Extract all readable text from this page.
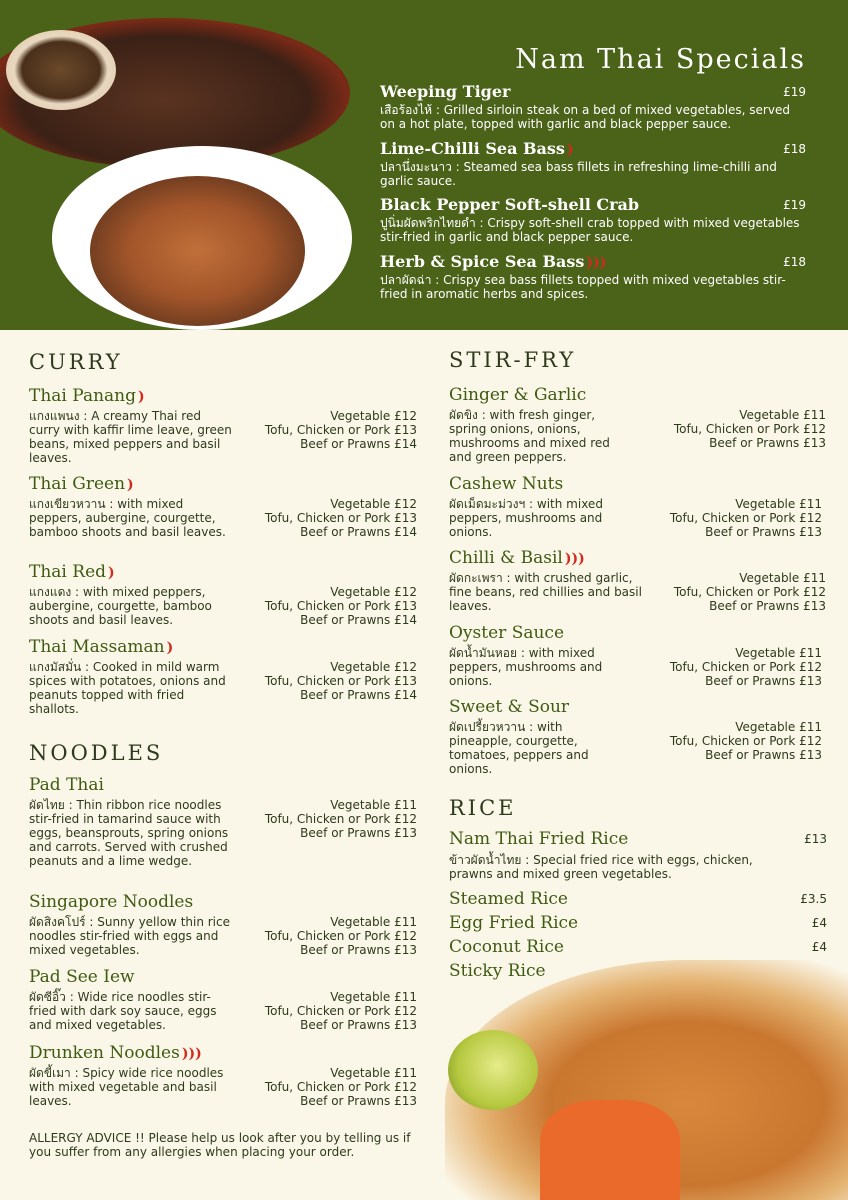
Nam Thai Specials
Weeping Tiger	£19
เสือร้องไห้ : Grilled sirloin steak on a bed of mixed vegetables, served on a hot plate, topped with garlic and black pepper sauce.
Lime-Chilli Sea Bass )	£18
ปลานึ่งมะนาว : Steamed sea bass fillets in refreshing lime-chilli and garlic sauce.
Black Pepper Soft-shell Crab	£19
ปูนิ่มผัดพริกไทยดำ : Crispy soft-shell crab topped with mixed vegetables stir-fried in garlic and black pepper sauce.
Herb & Spice Sea Bass )))	£18
ปลาผัดฉ่า : Crispy sea bass fillets topped with mixed vegetables stir-fried in aromatic herbs and spices.
CURRY
Thai Panang )
แกงแพนง : A creamy Thai red curry with kaffir lime leave, green beans, mixed peppers and basil leaves.
Vegetable £12
Tofu, Chicken or Pork £13
Beef or Prawns £14
Thai Green )
แกงเขียวหวาน : with mixed peppers, aubergine, courgette, bamboo shoots and basil leaves.
Vegetable £12
Tofu, Chicken or Pork £13
Beef or Prawns £14
Thai Red )
แกงแดง : with mixed peppers, aubergine, courgette, bamboo shoots and basil leaves.
Vegetable £12
Tofu, Chicken or Pork £13
Beef or Prawns £14
Thai Massaman )
แกงมัสมั่น : Cooked in mild warm spices with potatoes, onions and peanuts topped with fried shallots.
Vegetable £12
Tofu, Chicken or Pork £13
Beef or Prawns £14
NOODLES
Pad Thai
ผัดไทย : Thin ribbon rice noodles stir-fried in tamarind sauce with eggs, beansprouts, spring onions and carrots. Served with crushed peanuts and a lime wedge.
Vegetable £11
Tofu, Chicken or Pork £12
Beef or Prawns £13
Singapore Noodles
ผัดสิงคโปร์ : Sunny yellow thin rice noodles stir-fried with eggs and mixed vegetables.
Vegetable £11
Tofu, Chicken or Pork £12
Beef or Prawns £13
Pad See Iew
ผัดซีอิ๊ว : Wide rice noodles stir-fried with dark soy sauce, eggs and mixed vegetables.
Vegetable £11
Tofu, Chicken or Pork £12
Beef or Prawns £13
Drunken Noodles )))
ผัดขี้เมา : Spicy wide rice noodles with mixed vegetable and basil leaves.
Vegetable £11
Tofu, Chicken or Pork £12
Beef or Prawns £13
ALLERGY ADVICE !! Please help us look after you by telling us if you suffer from any allergies when placing your order.
STIR-FRY
Ginger & Garlic
ผัดขิง : with fresh ginger, spring onions, onions, mushrooms and mixed red and green peppers.
Vegetable £11
Tofu, Chicken or Pork £12
Beef or Prawns £13
Cashew Nuts
ผัดเม็ดมะม่วงฯ : with mixed peppers, mushrooms and onions.
Vegetable £11
Tofu, Chicken or Pork £12
Beef or Prawns £13
Chilli & Basil )))
ผัดกะเพรา : with crushed garlic, fine beans, red chillies and basil leaves.
Vegetable £11
Tofu, Chicken or Pork £12
Beef or Prawns £13
Oyster Sauce
ผัดน้ำมันหอย : with mixed peppers, mushrooms and onions.
Vegetable £11
Tofu, Chicken or Pork £12
Beef or Prawns £13
Sweet & Sour
ผัดเปรี้ยวหวาน : with pineapple, courgette, tomatoes, peppers and onions.
Vegetable £11
Tofu, Chicken or Pork £12
Beef or Prawns £13
RICE
Nam Thai Fried Rice	£13
ข้าวผัดน้ำไทย : Special fried rice with eggs, chicken, prawns and mixed green vegetables.
Steamed Rice	£3.5
Egg Fried Rice	£4
Coconut Rice	£4
Sticky Rice
